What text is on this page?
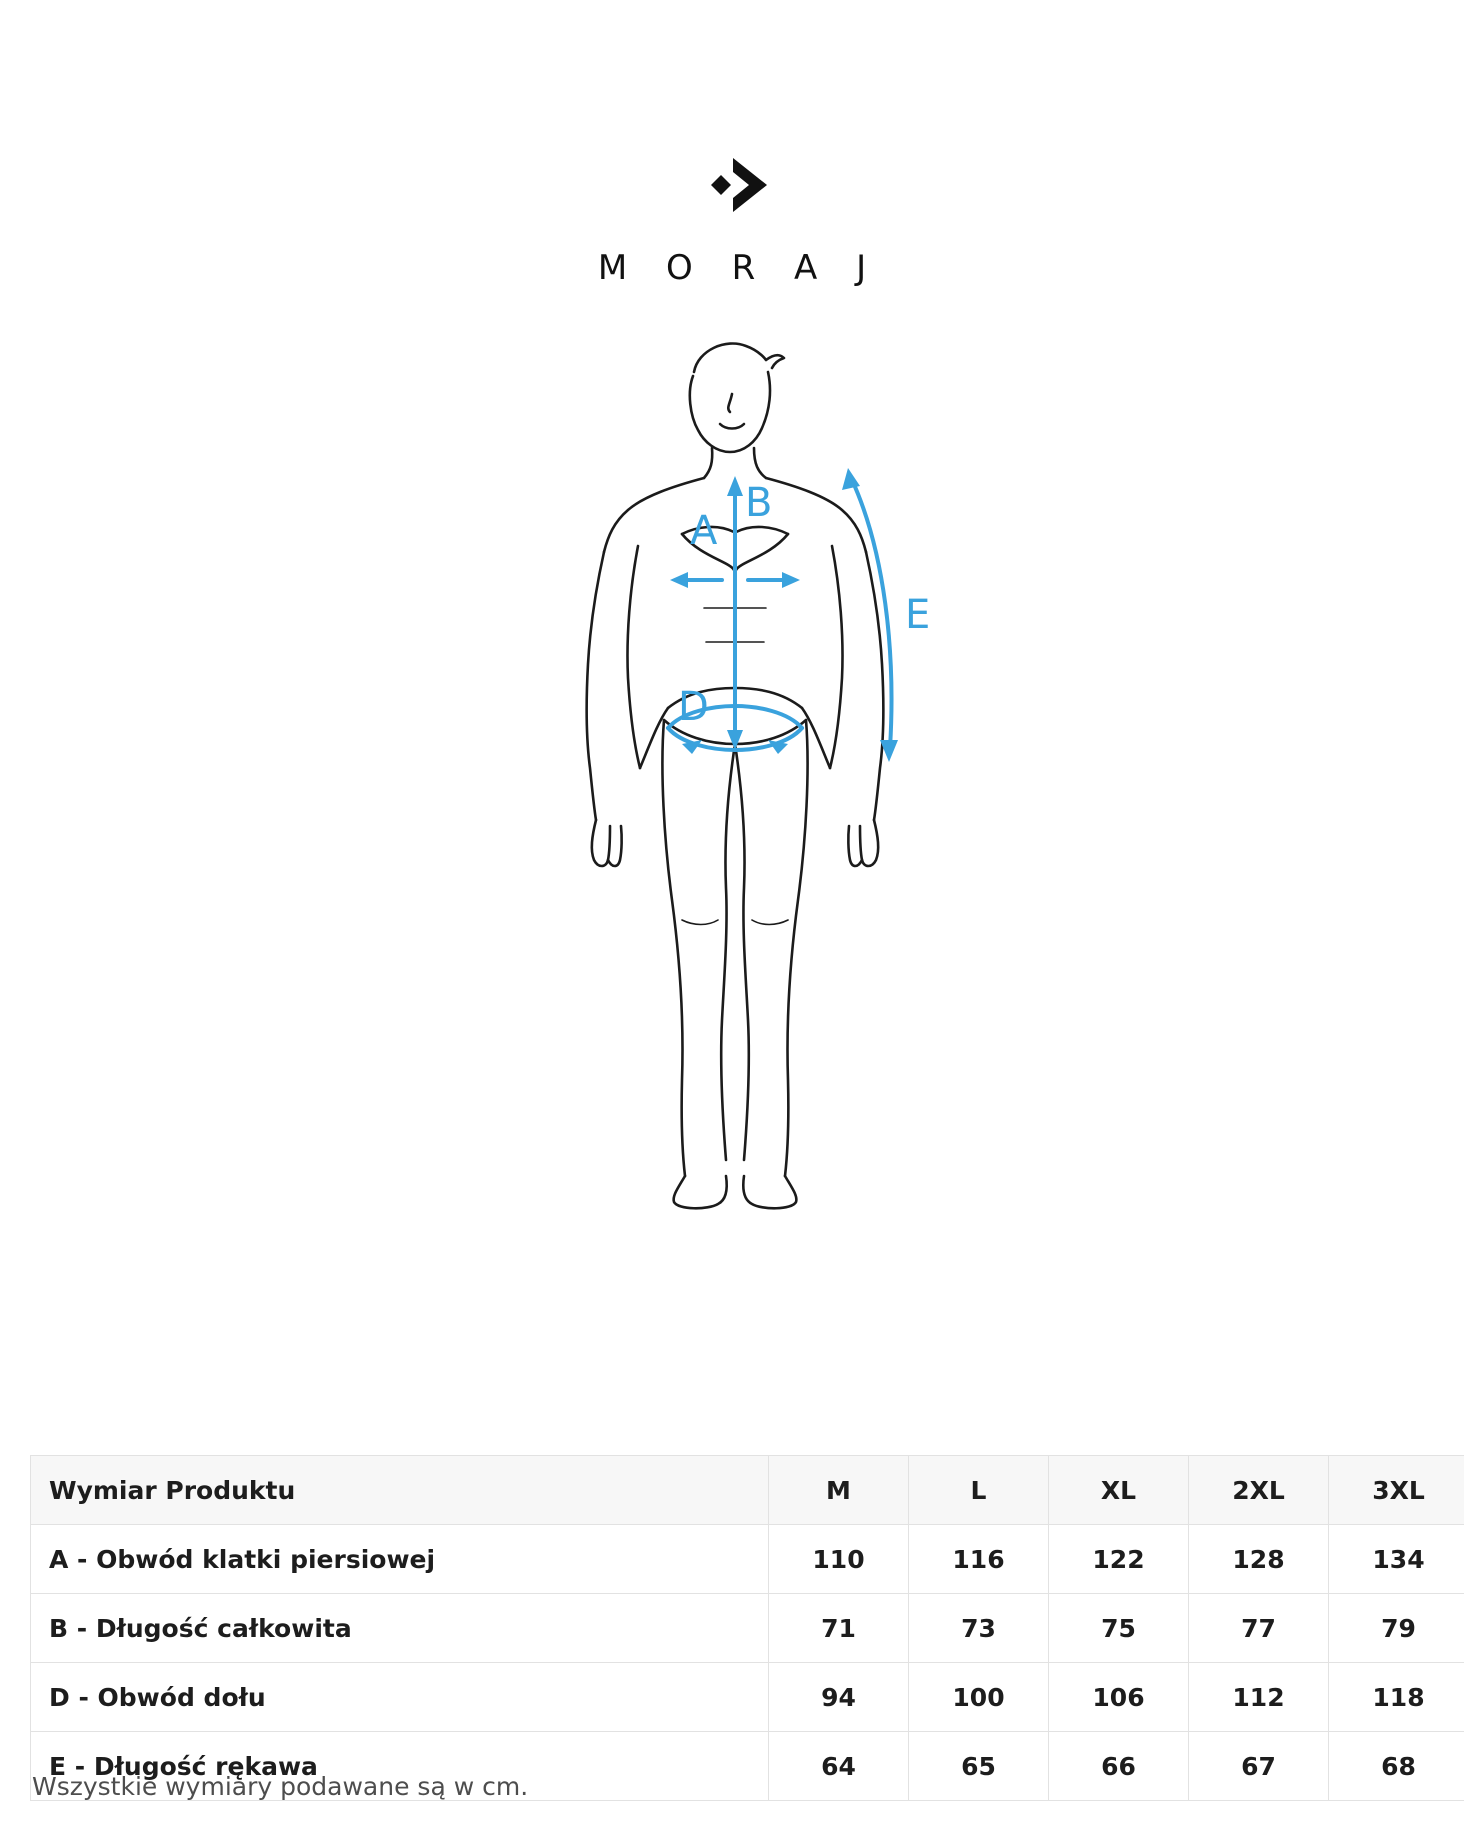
M O R A J
A
B
D
E
Wymiar Produktu	M	L	XL	2XL	3XL
A - Obwód klatki piersiowej	110	116	122	128	134
B - Długość całkowita	71	73	75	77	79
D - Obwód dołu	94	100	106	112	118
E - Długość rękawa	64	65	66	67	68
Wszystkie wymiary podawane są w cm.
